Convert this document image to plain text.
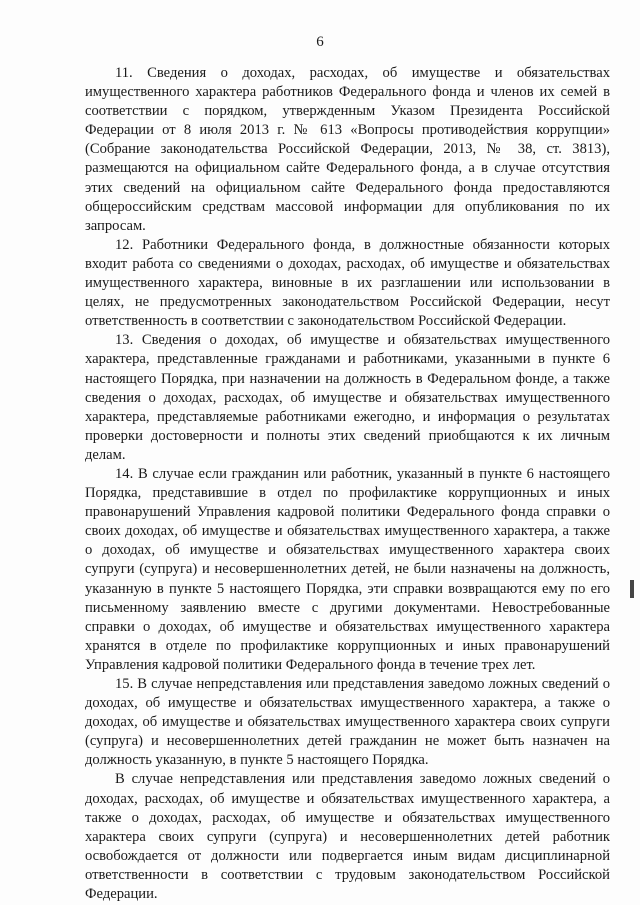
6

11. Сведения о доходах, расходах, об имуществе и обязательствах имущественного характера работников Федерального фонда и членов их семей в соответствии с порядком, утвержденным Указом Президента Российской Федерации от 8 июля 2013 г. № 613 «Вопросы противодействия коррупции» (Собрание законодательства Российской Федерации, 2013, № 38, ст. 3813), размещаются на официальном сайте Федерального фонда, а в случае отсутствия этих сведений на официальном сайте Федерального фонда предоставляются общероссийским средствам массовой информации для опубликования по их запросам.

12. Работники Федерального фонда, в должностные обязанности которых входит работа со сведениями о доходах, расходах, об имуществе и обязательствах имущественного характера, виновные в их разглашении или использовании в целях, не предусмотренных законодательством Российской Федерации, несут ответственность в соответствии с законодательством Российской Федерации.

13. Сведения о доходах, об имуществе и обязательствах имущественного характера, представленные гражданами и работниками, указанными в пункте 6 настоящего Порядка, при назначении на должность в Федеральном фонде, а также сведения о доходах, расходах, об имуществе и обязательствах имущественного характера, представляемые работниками ежегодно, и информация о результатах проверки достоверности и полноты этих сведений приобщаются к их личным делам.

14. В случае если гражданин или работник, указанный в пункте 6 настоящего Порядка, представившие в отдел по профилактике коррупционных и иных правонарушений Управления кадровой политики Федерального фонда справки о своих доходах, об имуществе и обязательствах имущественного характера, а также о доходах, об имуществе и обязательствах имущественного характера своих супруги (супруга) и несовершеннолетних детей, не были назначены на должность, указанную в пункте 5 настоящего Порядка, эти справки возвращаются ему по его письменному заявлению вместе с другими документами. Невостребованные справки о доходах, об имуществе и обязательствах имущественного характера хранятся в отделе по профилактике коррупционных и иных правонарушений Управления кадровой политики Федерального фонда в течение трех лет.

15. В случае непредставления или представления заведомо ложных сведений о доходах, об имуществе и обязательствах имущественного характера, а также о доходах, об имуществе и обязательствах имущественного характера своих супруги (супруга) и несовершеннолетних детей гражданин не может быть назначен на должность указанную, в пункте 5 настоящего Порядка.

В случае непредставления или представления заведомо ложных сведений о доходах, расходах, об имуществе и обязательствах имущественного характера, а также о доходах, расходах, об имуществе и обязательствах имущественного характера своих супруги (супруга) и несовершеннолетних детей работник освобождается от должности или подвергается иным видам дисциплинарной ответственности в соответствии с трудовым законодательством Российской Федерации.
